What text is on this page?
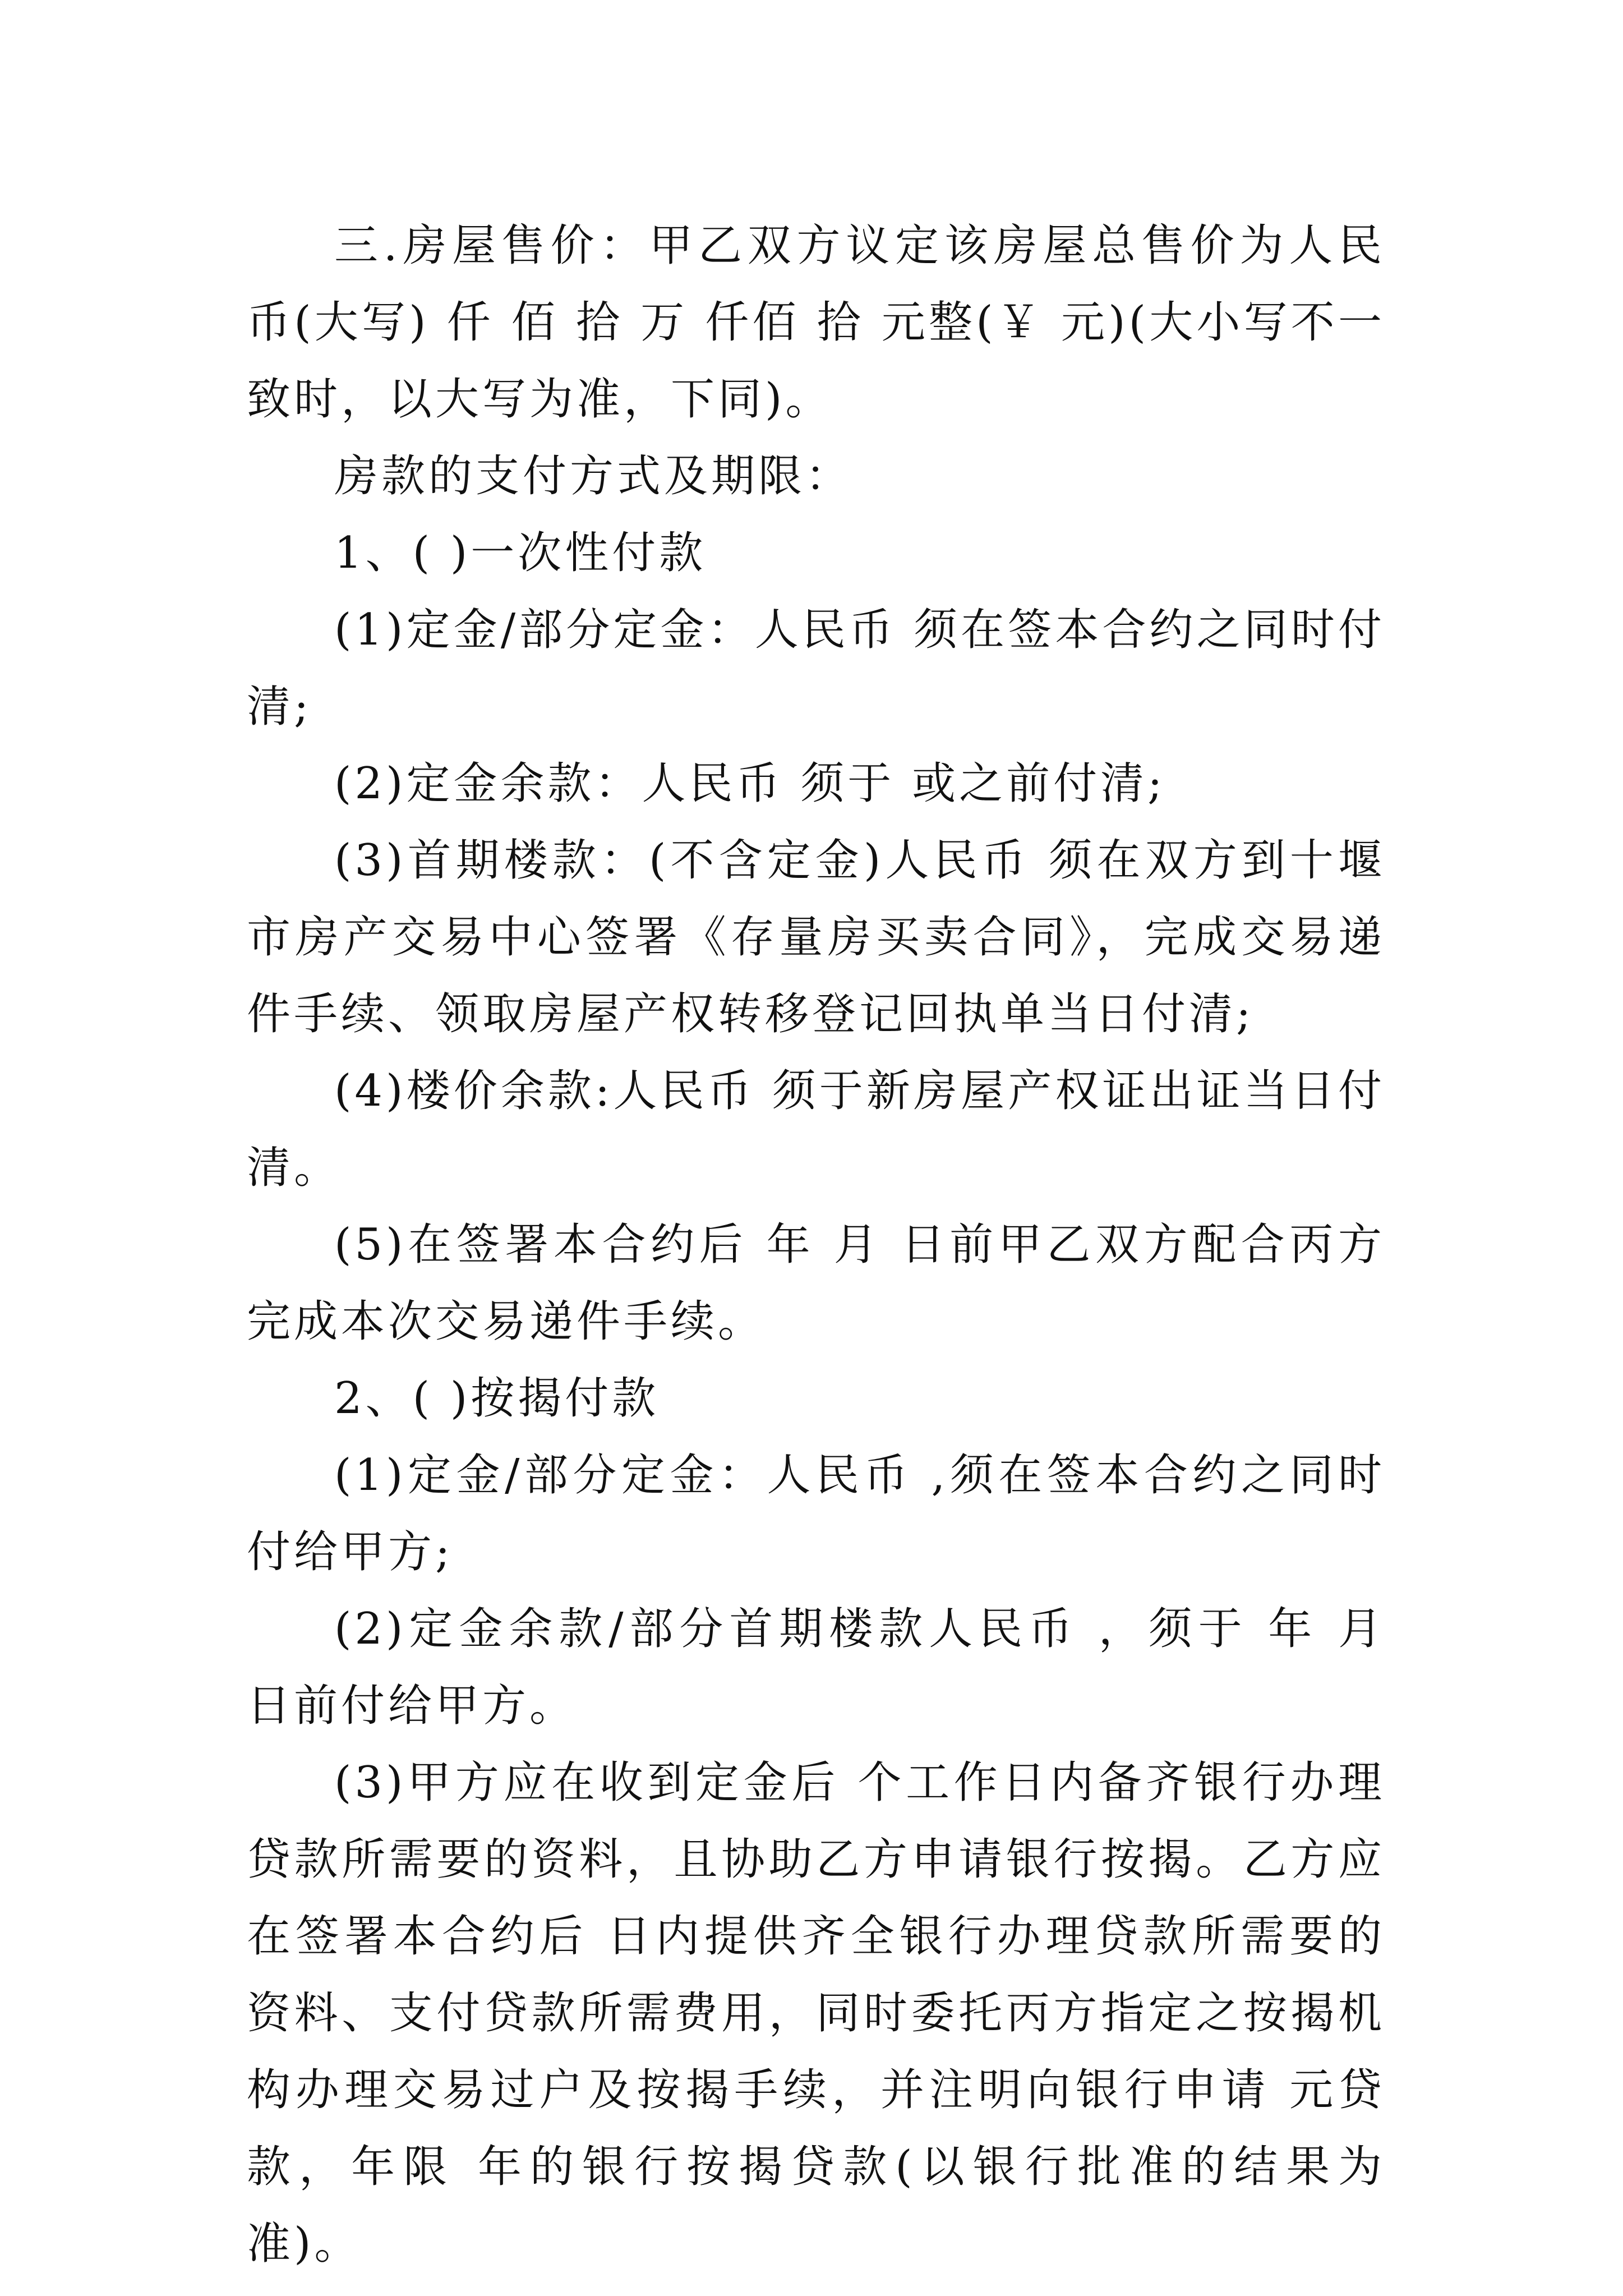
三.房屋售价：甲乙双方议定该房屋总售价为人民币(大写) 仟 佰 拾 万 仟佰 拾 元整(￥ 元)(大小写不一致时，以大写为准，下同)。

房款的支付方式及期限：

1、( )一次性付款

(1)定金/部分定金：人民币 须在签本合约之同时付清;

(2)定金余款：人民币 须于 或之前付清;

(3)首期楼款：(不含定金)人民币 须在双方到十堰市房产交易中心签署《存量房买卖合同》，完成交易递件手续、领取房屋产权转移登记回执单当日付清;

(4)楼价余款:人民币 须于新房屋产权证出证当日付清。

(5)在签署本合约后 年 月 日前甲乙双方配合丙方完成本次交易递件手续。

2、( )按揭付款

(1)定金/部分定金：人民币 ,须在签本合约之同时付给甲方;

(2)定金余款/部分首期楼款人民币 ，须于 年 月 日前付给甲方。

(3)甲方应在收到定金后 个工作日内备齐银行办理贷款所需要的资料，且协助乙方申请银行按揭。乙方应在签署本合约后 日内提供齐全银行办理贷款所需要的资料、支付贷款所需费用，同时委托丙方指定之按揭机构办理交易过户及按揭手续，并注明向银行申请 元贷款，年限 年的银行按揭贷款(以银行批准的结果为准)。
